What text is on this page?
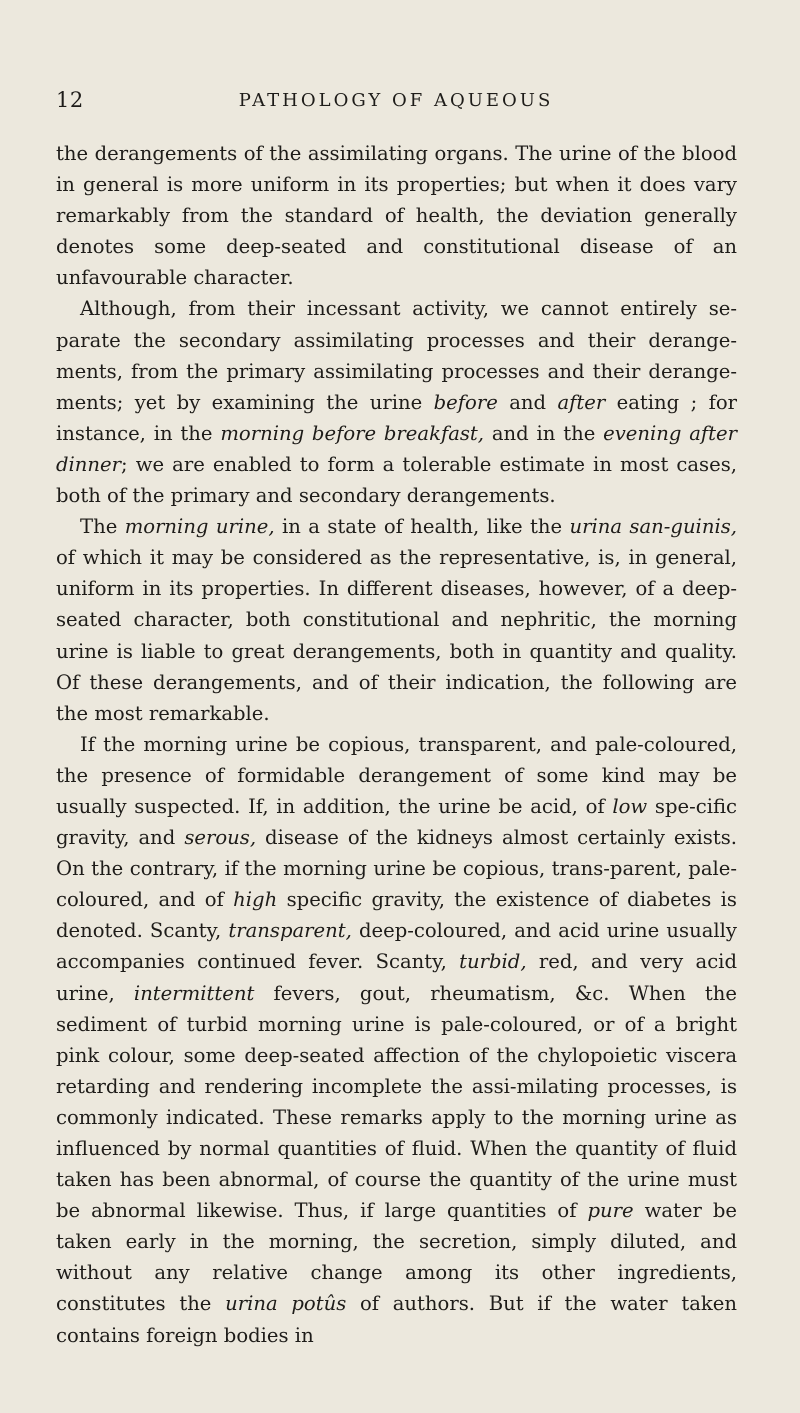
12	PATHOLOGY OF AQUEOUS

the derangements of the assimilating organs. The urine of the blood in general is more uniform in its properties; but when it does vary remarkably from the standard of health, the deviation generally denotes some deep-seated and constitutional disease of an unfavourable character.

Although, from their incessant activity, we cannot entirely se-parate the secondary assimilating processes and their derange-ments, from the primary assimilating processes and their derange-ments; yet by examining the urine before and after eating ; for instance, in the morning before breakfast, and in the evening after dinner; we are enabled to form a tolerable estimate in most cases, both of the primary and secondary derangements.

The morning urine, in a state of health, like the urina san-guinis, of which it may be considered as the representative, is, in general, uniform in its properties. In different diseases, however, of a deep-seated character, both constitutional and nephritic, the morning urine is liable to great derangements, both in quantity and quality. Of these derangements, and of their indication, the following are the most remarkable.

If the morning urine be copious, transparent, and pale-coloured, the presence of formidable derangement of some kind may be usually suspected. If, in addition, the urine be acid, of low spe-cific gravity, and serous, disease of the kidneys almost certainly exists. On the contrary, if the morning urine be copious, trans-parent, pale-coloured, and of high specific gravity, the existence of diabetes is denoted. Scanty, transparent, deep-coloured, and acid urine usually accompanies continued fever. Scanty, turbid, red, and very acid urine, intermittent fevers, gout, rheumatism, &c. When the sediment of turbid morning urine is pale-coloured, or of a bright pink colour, some deep-seated affection of the chylopoietic viscera retarding and rendering incomplete the assi-milating processes, is commonly indicated. These remarks apply to the morning urine as influenced by normal quantities of fluid. When the quantity of fluid taken has been abnormal, of course the quantity of the urine must be abnormal likewise. Thus, if large quantities of pure water be taken early in the morning, the secretion, simply diluted, and without any relative change among its other ingredients, constitutes the urina potûs of authors. But if the water taken contains foreign bodies in
